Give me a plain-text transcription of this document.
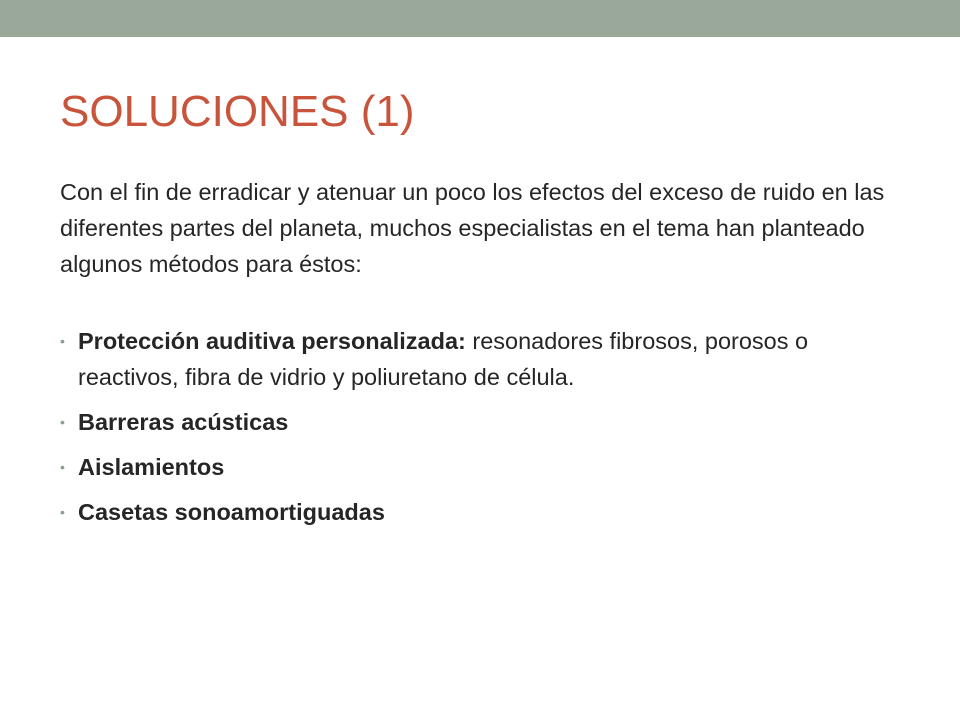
SOLUCIONES (1)

Con el fin de erradicar y atenuar un poco los efectos del exceso de ruido en las diferentes partes del planeta, muchos especialistas en el tema han planteado algunos métodos para éstos:

• Protección auditiva personalizada: resonadores fibrosos, porosos o reactivos, fibra de vidrio y poliuretano de célula.
• Barreras acústicas
• Aislamientos
• Casetas sonoamortiguadas
